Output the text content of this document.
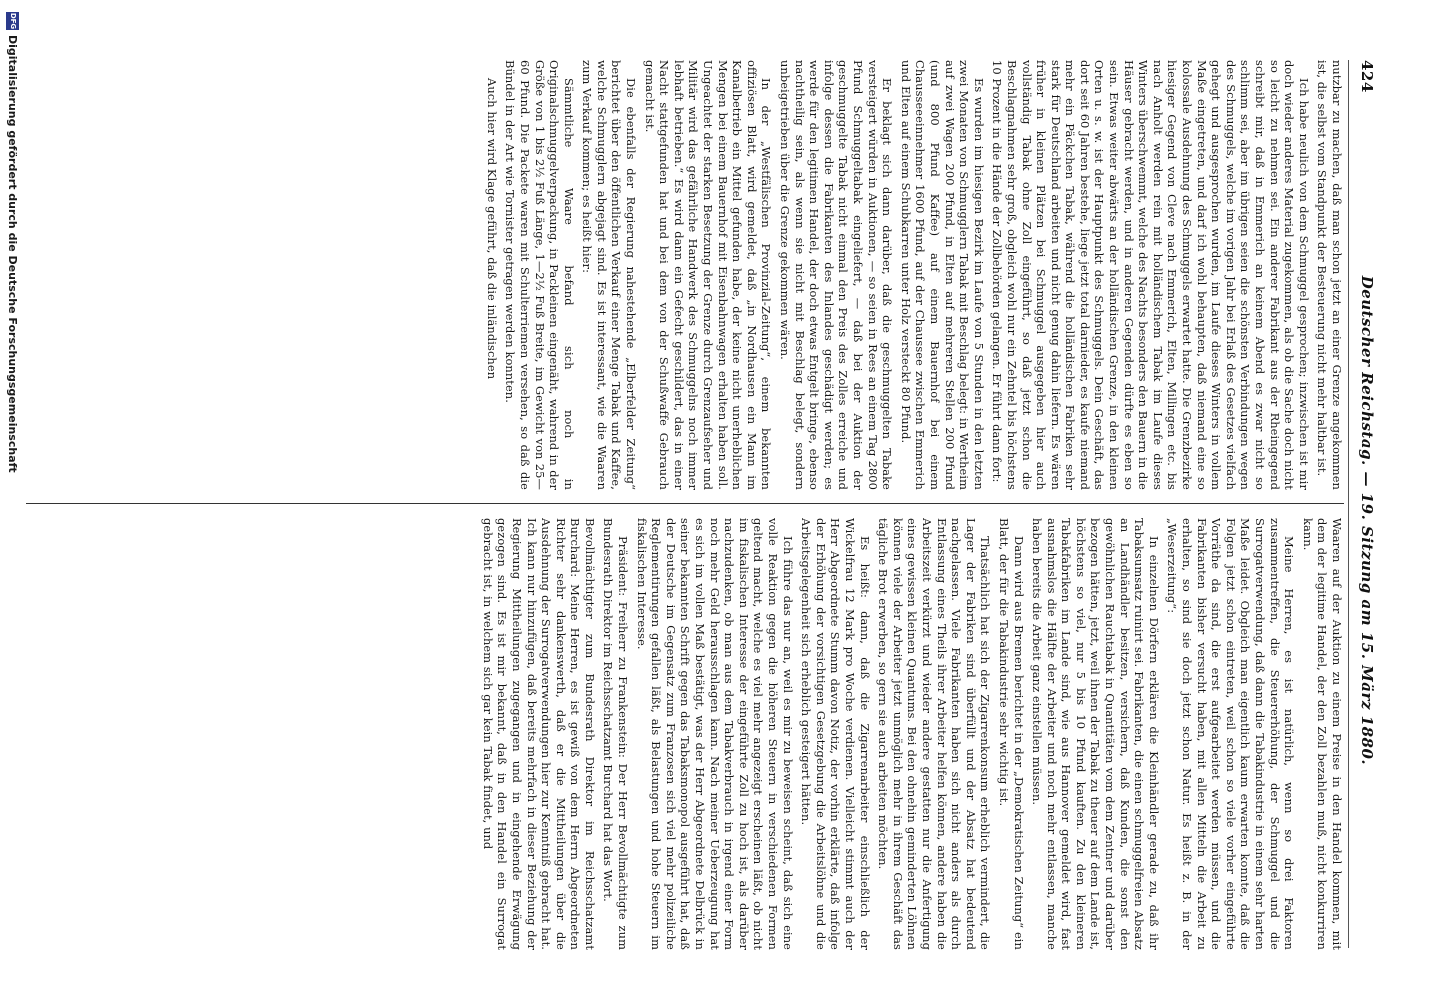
424
Deutscher Reichstag. — 19. Sitzung am 15. März 1880.

nutzbar zu machen, daß man schon jetzt an einer Grenze angekommen ist, die selbst vom Standpunkt der Besteuerung nicht mehr haltbar ist.

Ich habe neulich von dem Schmuggel gesprochen; inzwischen ist mir doch wieder anderes Material zugekommen, als ob die Sache doch nicht so leicht zu nehmen sei. Ein anderer Fabrikant aus der Rheingegend schreibt mir, daß in Emmerich an keinem Abend es zwar nicht so schlimm sei, aber im übrigen seien die schönsten Verbindungen wegen des Schmuggels, welche im vorigen Jahr bei Erlaß des Gesetzes vielfach gehegt und ausgesprochen wurden, im Laufe dieses Winters in vollem Maße eingetreten, und darf ich wohl behaupten, daß niemand eine so kolossale Ausdehnung des Schmuggels erwartet hatte. Die Grenzbezirke hiesiger Gegend von Cleve nach Emmerich, Elten, Millingen etc. bis nach Anholt werden rein mit holländischem Tabak im Laufe dieses Winters überschwemmt, welche des Nachts besonders den Bauern in die Häuser gebracht werden, und in anderen Gegenden dürfte es eben so sein. Etwas weiter abwärts an der holländischen Grenze, in den kleinen Orten u. s. w. ist der Hauptpunkt des Schmuggels. Dein Geschäft, das dort seit 60 Jahren bestehe, liege jetzt total darnieder, es kaufe niemand mehr ein Päckchen Tabak, während die holländischen Fabriken sehr stark für Deutschland arbeiten und nicht genug dahin liefern. Es wären früher in kleinen Plätzen bei Schmuggel ausgegeben hier auch vollständig Tabak ohne Zoll eingeführt, so daß jetzt schon die Beschlagnahmen sehr groß, obgleich wohl nur ein Zehntel bis höchstens 10 Prozent in die Hände der Zollbehörden gelangen. Er führt dann fort:

Es wurden im hiesigen Bezirk im Laufe von 5 Stunden in den letzten zwei Monaten von Schmugglern Tabak mit Beschlag belegt: in Wertheim auf zwei Wagen 200 Pfund, in Elten auf mehreren Stellen 200 Pfund (und 800 Pfund Kaffee) auf einem Bauernhof bei einem Chausseeeinnehmer 1600 Pfund, auf der Chaussee zwischen Emmerich und Elten auf einem Schubkarren unter Holz versteckt 80 Pfund.

Er beklagt sich dann darüber, daß die geschmuggelten Tabake versteigert würden in Auktionen, — so seien in Rees an einem Tag 2800 Pfund Schmuggeltabak eingeliefert, — daß bei der Auktion der geschmuggelte Tabak nicht einmal den Preis des Zolles erreiche und infolge dessen die Fabrikanten des Inlandes geschädigt werden; es werde für den legitimen Handel, der doch etwas Entgelt bringe, ebenso nachtheilig sein, als wenn sie nicht mit Beschlag belegt, sondern unbeigetrieben über die Grenze gekommen wären.

In der „Westfälischen Provinzial-Zeitung“, einem bekannten offiziösen Blatt, wird gemeldet, daß „in Nordhausen ein Mann im Kanalbetrieb ein Mittel gefunden habe, der keine nicht unerheblichen Mengen bei einem Bauernhof mit Eisenbahnwagen erhalten haben soll. Ungeachtet der starken Besetzung der Grenze durch Grenzaufseher und Militär wird das gefährliche Handwerk des Schmuggelns noch immer lebhaft betrieben.“ Es wird dann ein Gefecht geschildert, das in einer Nacht stattgefunden hat und bei dem von der Schußwaffe Gebrauch gemacht ist.

Die ebenfalls der Regierung nahestehende „Elberfelder Zeitung“ berichtet über den öffentlichen Verkauf einer Menge Tabak und Kaffee, welche Schmugglern abgejagt sind. Es ist interessant, wie die Waaren zum Verkauf kommen; es heißt hier:

Sämmtliche Waare befand sich noch in Originalschmuggelverpackung, in Packleinen eingenäht, wahrend in der Größe von 1 bis 2½ Fuß Länge, 1—2½ Fuß Breite, im Gewicht von 25—60 Pfund. Die Packete waren mit Schulterriemen versehen, so daß die Bündel in der Art wie Tornister getragen werden konnten.

Auch hier wird Klage geführt, daß die inländischen

Waaren auf der Auktion zu einem Preise in den Handel kommen, mit dem der legitime Handel, der den Zoll bezahlen muß, nicht konkurriren kann.

Meine Herren, es ist natürlich, wenn so drei Faktoren zusammentreffen, die Steuererhöhung, der Schmuggel und die Surrogatverwendung, daß dann die Tabakindustrie in einem sehr harten Maße leidet. Obgleich man eigentlich kaum erwarten konnte, daß die Folgen jetzt schon eintreten, weil schon so viele vorher eingeführte Vorräthe da sind, die erst aufgearbeitet werden müssen, und die Fabrikanten bisher versucht haben, mit allen Mitteln die Arbeit zu erhalten, so sind sie doch jetzt schon Natur. Es heißt z. B. in der „Weserzeitung“:

In einzelnen Dörfern erklären die Kleinhändler gerade zu, daß ihr Tabaksumsatz ruinirt sei. Fabrikanten, die einen schmuggelfreien Absatz an Landhändler besitzen, versichern, daß Kunden, die sonst den gewöhnlichen Rauchtabak in Quantitäten vom dem Zentner und darüber bezogen hätten, jetzt, weil ihnen der Tabak zu theuer auf dem Lande ist, höchstens so viel, nur 5 bis 10 Pfund kauften. Zu den kleineren Tabakfabriken im Lande sind, wie aus Hannover gemeldet wird, fast ausnahmslos die Hälfte der Arbeiter und noch mehr entlassen, manche haben bereits die Arbeit ganz einstellen müssen.

Dann wird aus Bremen berichtet in der „Demokratischen Zeitung“ ein Blatt, der für die Tabakindustrie sehr wichtig ist.

Thatsächlich hat sich der Zigarrenkonsum erheblich vermindert, die Lager der Fabriken sind überfüllt und der Absatz hat bedeutend nachgelassen. Viele Fabrikanten haben sich nicht anders als durch Entlassung eines Theils ihrer Arbeiter helfen können, andere haben die Arbeitszeit verkürzt und wieder andere gestatten nur die Anfertigung eines gewissen kleinen Quantums. Bei den ohnehin geminderten Löhnen können viele der Arbeiter jetzt unmöglich mehr in ihrem Geschäft das tägliche Brot erwerben, so gern sie auch arbeiten möchten.

Es heißt: dann, daß die Zigarrenarbeiter einschließlich der Wickelfrau 12 Mark pro Woche verdienen. Vielleicht stimmt auch der Herr Abgeordnete Stumm davon Notiz, der vorhin erklärte, daß infolge der Erhöhung der vorsichtigen Gesetzgebung die Arbeitslöhne und die Arbeitsgelegenheit sich erheblich gesteigert hätten.

Ich führe das nur an, weil es mir zu beweisen scheint, daß sich eine volle Reaktion gegen die höheren Steuern in verschiedenen Formen geltend macht, welche es viel mehr angezeigt erscheinen läßt, ob nicht im fiskalischen Interesse der eingeführte Zoll zu hoch ist, als darüber nachzudenken, ob man aus dem Tabakverbrauch in irgend einer Form noch mehr Geld herausschlagen kann. Nach meiner Ueberzeugung hat es sich im vollen Maß bestätigt, was der Herr Abgeordnete Delbrück in seiner bekannten Schrift gegen das Tabaksmonopol ausgeführt hat, daß der Deutsche im Gegensatz zum Franzosen sich viel mehr polizeiliche Reglementirungen gefallen läßt, als Belastungen und hohe Steuern im fiskalischen Interesse.

Präsident: Freiherr zu Frankenstein: Der Herr Bevollmächtigte zum Bundesrath Direktor im Reichsschatzamt Burchard hat das Wort.

Bevollmächtigter zum Bundesrath Direktor im Reichsschatzamt Burchard: Meine Herren, es ist gewiß von dem Herrn Abgeordneten Richter sehr dankenswerth, daß er die Mittheilungen über die Ausdehnung der Surrogatverwendungen hier zur Kenntniß gebracht hat. Ich kann nur hinzufügen, daß bereits mehrfach in dieser Beziehung der Regierung Mittheilungen zugegangen und in eingehende Erwägung gezogen sind. Es ist mir bekannt, daß in den Handel ein Surrogat gebracht ist, in welchem sich gar kein Tabak findet, und

DFG
Digitalisierung gefördert durch die Deutsche Forschungsgemeinschaft
